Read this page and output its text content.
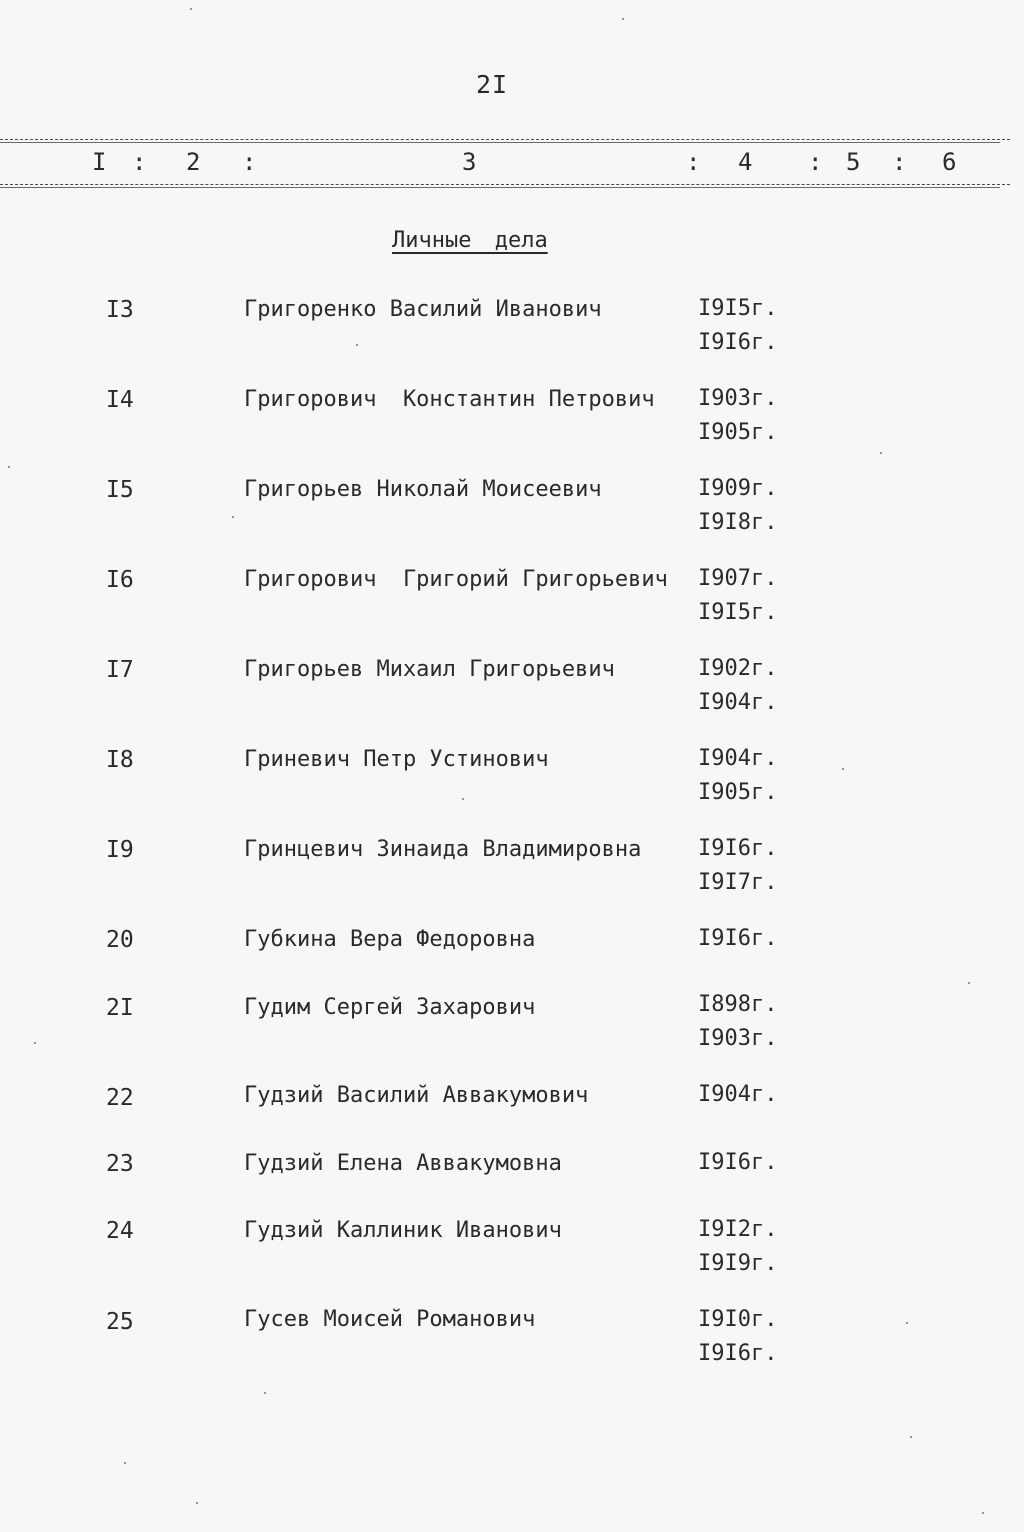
2I
I : 2 :	3	: 4 : 5 : 6
Личные дела
I3	Григоренко Василий Иванович	I9I5г.
I9I6г.
I4	Григорович  Константин Петрович I903г.
I905г.
I5	Григорьев Николай Моисеевич	I909г.
I9I8г.
I6	Григорович  Григорий Григорьевич I907г.
I9I5г.
I7	Григорьев Михаил Григорьевич	I902г.
I904г.
I8	Гриневич Петр Устинович	I904г.
I905г.
I9	Гринцевич Зинаида Владимировна	I9I6г.
I9I7г.
20	Губкина Вера Федоровна	I9I6г.
2I	Гудим Сергей Захарович	I898г.
I903г.
22	Гудзий Василий Аввакумович	I904г.
23	Гудзий Елена Аввакумовна	I9I6г.
24	Гудзий Каллиник Иванович	I9I2г.
I9I9г.
25	Гусев Моисей Романович	I9I0г.
I9I6г.
